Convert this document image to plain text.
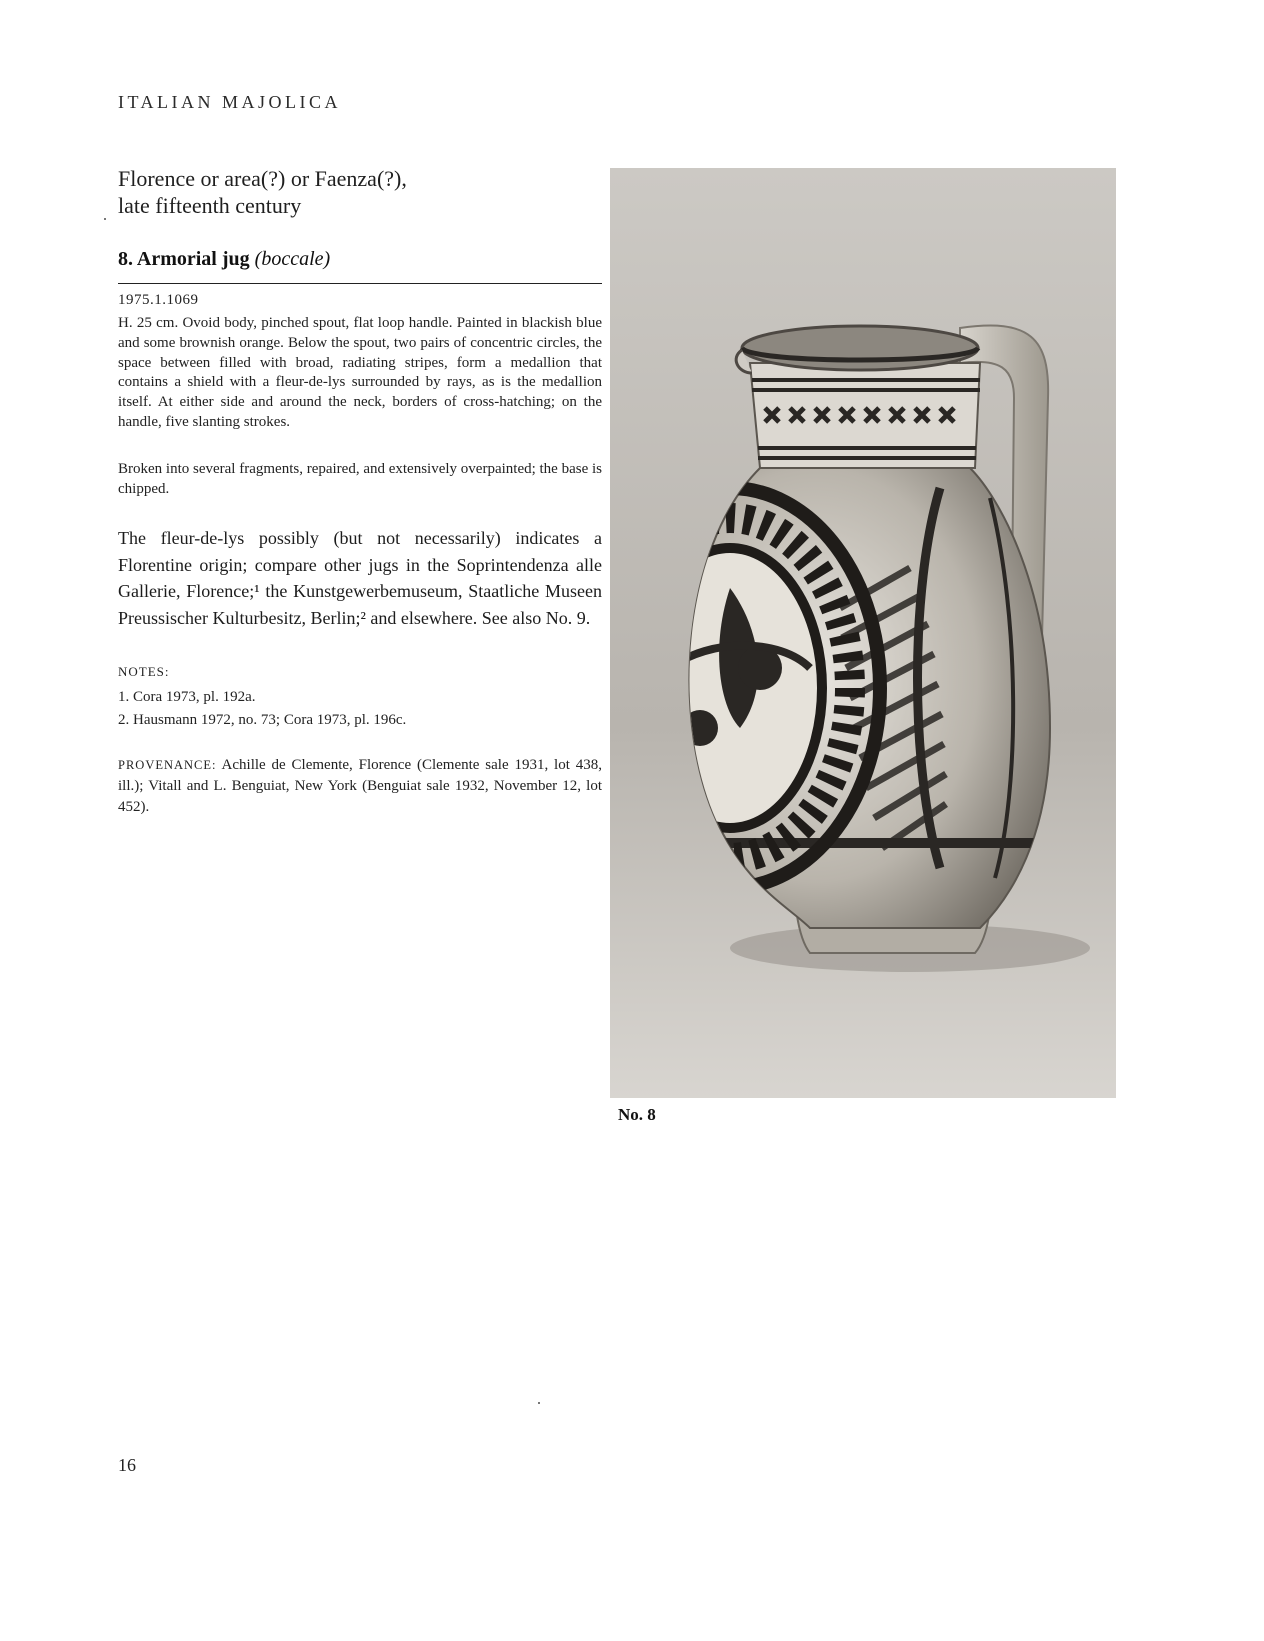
ITALIAN MAJOLICA
Florence or area(?) or Faenza(?),
late fifteenth century
8. Armorial jug (boccale)
1975.1.1069
H. 25 cm. Ovoid body, pinched spout, flat loop handle. Painted in blackish blue and some brownish orange. Below the spout, two pairs of concentric circles, the space between filled with broad, radiating stripes, form a medallion that contains a shield with a fleur-de-lys surrounded by rays, as is the medallion itself. At either side and around the neck, borders of cross-hatching; on the handle, five slanting strokes.
Broken into several fragments, repaired, and extensively overpainted; the base is chipped.
The fleur-de-lys possibly (but not necessarily) indicates a Florentine origin; compare other jugs in the Soprintendenza alle Gallerie, Florence;¹ the Kunstgewerbemuseum, Staatliche Museen Preussischer Kulturbesitz, Berlin;² and elsewhere. See also No. 9.
NOTES:
1. Cora 1973, pl. 192a.
2. Hausmann 1972, no. 73; Cora 1973, pl. 196c.
PROVENANCE: Achille de Clemente, Florence (Clemente sale 1931, lot 438, ill.); Vitall and L. Benguiat, New York (Benguiat sale 1932, November 12, lot 452).
No. 8
16
